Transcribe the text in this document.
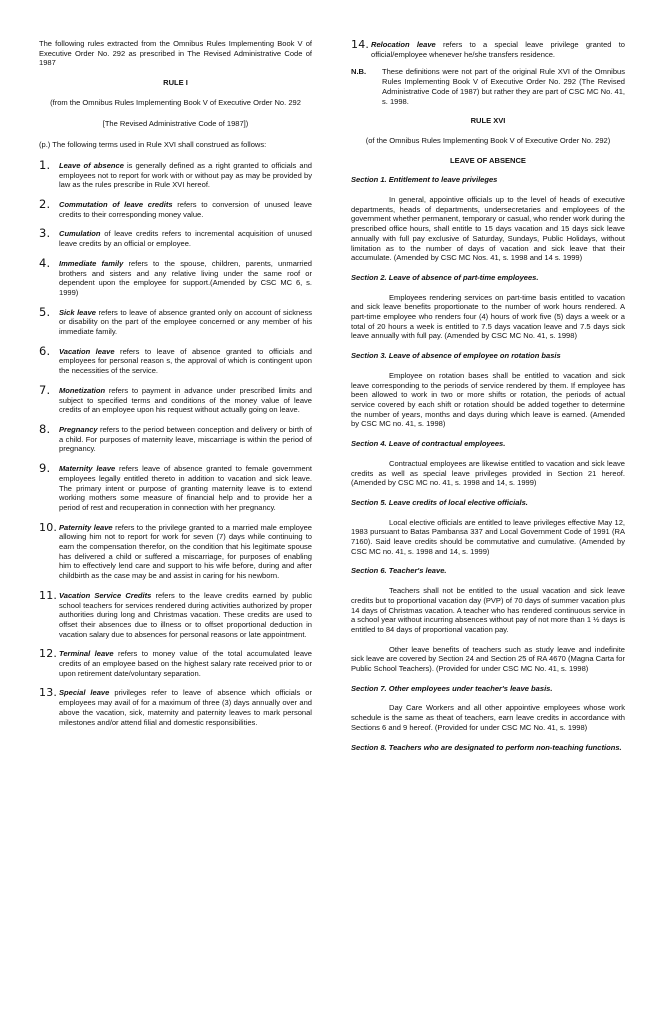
The following rules extracted from the Omnibus Rules Implementing Book V of Executive Order No. 292 as prescribed in The Revised Administrative Code of 1987

RULE I

(from the Omnibus Rules Implementing Book V of Executive Order No. 292

[The Revised Administrative Code of 1987])

(p.) The following terms used in Rule XVI shall construed as follows:

1. Leave of absence is generally defined as a right granted to officials and employees not to report for work with or without pay as may be provided by law as the rules prescribe in Rule XVI hereof.
2. Commutation of leave credits refers to conversion of unused leave credits to their corresponding money value.
3. Cumulation of leave credits refers to incremental acquisition of unused leave credits by an official or employee.
4. Immediate family refers to the spouse, children, parents, unmarried brothers and sisters and any relative living under the same roof or dependent upon the employee for support.(Amended by CSC MC 6, s. 1999)
5. Sick leave refers to leave of absence granted only on account of sickness or disability on the part of the employee concerned or any member of his immediate family.
6. Vacation leave refers to leave of absence granted to officials and employees for personal reason s, the approval of which is contingent upon the necessities of the service.
7. Monetization refers to payment in advance under prescribed limits and subject to specified terms and conditions of the money value of leave credits of an employee upon his request without actually going on leave.
8. Pregnancy refers to the period between conception and delivery or birth of a child. For purposes of maternity leave, miscarriage is within the period of pregnancy.
9. Maternity leave refers leave of absence granted to female government employees legally entitled thereto in addition to vacation and sick leave. The primary intent or purpose of granting maternity leave is to extend working mothers some measure of financial help and to provide her a period of rest and recuperation in connection with her pregnancy.
10. Paternity leave refers to the privilege granted to a married male employee allowing him not to report for work for seven (7) days while continuing to earn the compensation therefor, on the condition that his legitimate spouse has delivered a child or suffered a miscarriage, for purposes of enabling him to effectively lend care and support to his wife before, during and after childbirth as the case may be and assist in caring for his newborn.
11. Vacation Service Credits refers to the leave credits earned by public school teachers for services rendered during activities authorized by proper authorities during long and Christmas vacation. These credits are used to offset their absences due to illness or to offset proportional deduction in vacation salary due to absences for personal reasons or late appointment.
12. Terminal leave refers to money value of the total accumulated leave credits of an employee based on the highest salary rate received prior to or upon retirement date/voluntary separation.
13. Special leave privileges refer to leave of absence which officials or employees may avail of for a maximum of three (3) days annually over and above the vacation, sick, maternity and paternity leaves to mark personal milestones and/or attend filial and domestic responsibilities.
14. Relocation leave refers to a special leave privilege granted to official/employee whenever he/she transfers residence.
N.B. These definitions were not part of the original Rule XVI of the Omnibus Rules Implementing Book V of Executive Order No. 292 (The Revised Administrative Code of 1987) but rather they are part of CSC MC No. 41, s. 1998.

RULE XVI

(of the Omnibus Rules Implementing Book V of Executive Order No. 292)

LEAVE OF ABSENCE

Section 1. Entitlement to leave privileges

In general, appointive officials up to the level of heads of executive departments, heads of departments, undersecretaries and employees of the government whether permanent, temporary or casual, who render work during the prescribed office hours, shall entitle to 15 days vacation and 15 days sick leave annually with full pay exclusive of Saturday, Sundays, Public Holidays, without limitation as to the number of days of vacation and sick leave that their accumulate. (Amended by CSC MC Nos. 41, s. 1998 and 14 s. 1999)

Section 2. Leave of absence of part-time employees.

Employees rendering services on part-time basis entitled to vacation and sick leave benefits proportionate to the number of work hours rendered. A part-time employee who renders four (4) hours of work five (5) days a week or a total of 20 hours a week is entitled to 7.5 days vacation leave and 7.5 days sick leave annually with full pay. (Amended by CSC MC No. 41, s. 1998)

Section 3. Leave of absence of employee on rotation basis

Employee on rotation bases shall be entitled to vacation and sick leave corresponding to the periods of service rendered by them. If employee has been allowed to work in two or more shifts or rotation, the periods of actual service covered by each shift or rotation should be added together to determine the number of years, months and days during which leave is earned. (Amended by CSC MC no. 41, s. 1998)

Section 4. Leave of contractual employees.

Contractual employees are likewise entitled to vacation and sick leave credits as well as special leave privileges provided in Section 21 hereof. (Amended by CSC MC no. 41, s. 1998 and 14, s. 1999)

Section 5. Leave credits of local elective officials.

Local elective officials are entitled to leave privileges effective May 12, 1983 pursuant to Batas Pambansa 337 and Local Government Code of 1991 (RA 7160). Said leave credits should be commutative and cumulative. (Amended by CSC MC no. 41, s. 1998 and 14, s. 1999)

Section 6. Teacher's leave.

Teachers shall not be entitled to the usual vacation and sick leave credits but to proportional vacation day (PVP) of 70 days of summer vacation plus 14 days of Christmas vacation. A teacher who has rendered continuous service in a school year without incurring absences without pay of not more than 1 ½ days is entitled to 84 days of proportional vacation pay.

Other leave benefits of teachers such as study leave and indefinite sick leave are covered by Section 24 and Section 25 of RA 4670 (Magna Carta for Public School Teachers). (Provided for under CSC MC No. 41, s. 1998)

Section 7. Other employees under teacher's leave basis.

Day Care Workers and all other appointive employees whose work schedule is the same as theat of teachers, earn leave credits in accordance with Sections 6 and 9 hereof. (Provided for under CSC MC No. 41, s. 1998)

Section 8. Teachers who are designated to perform non-teaching functions.
